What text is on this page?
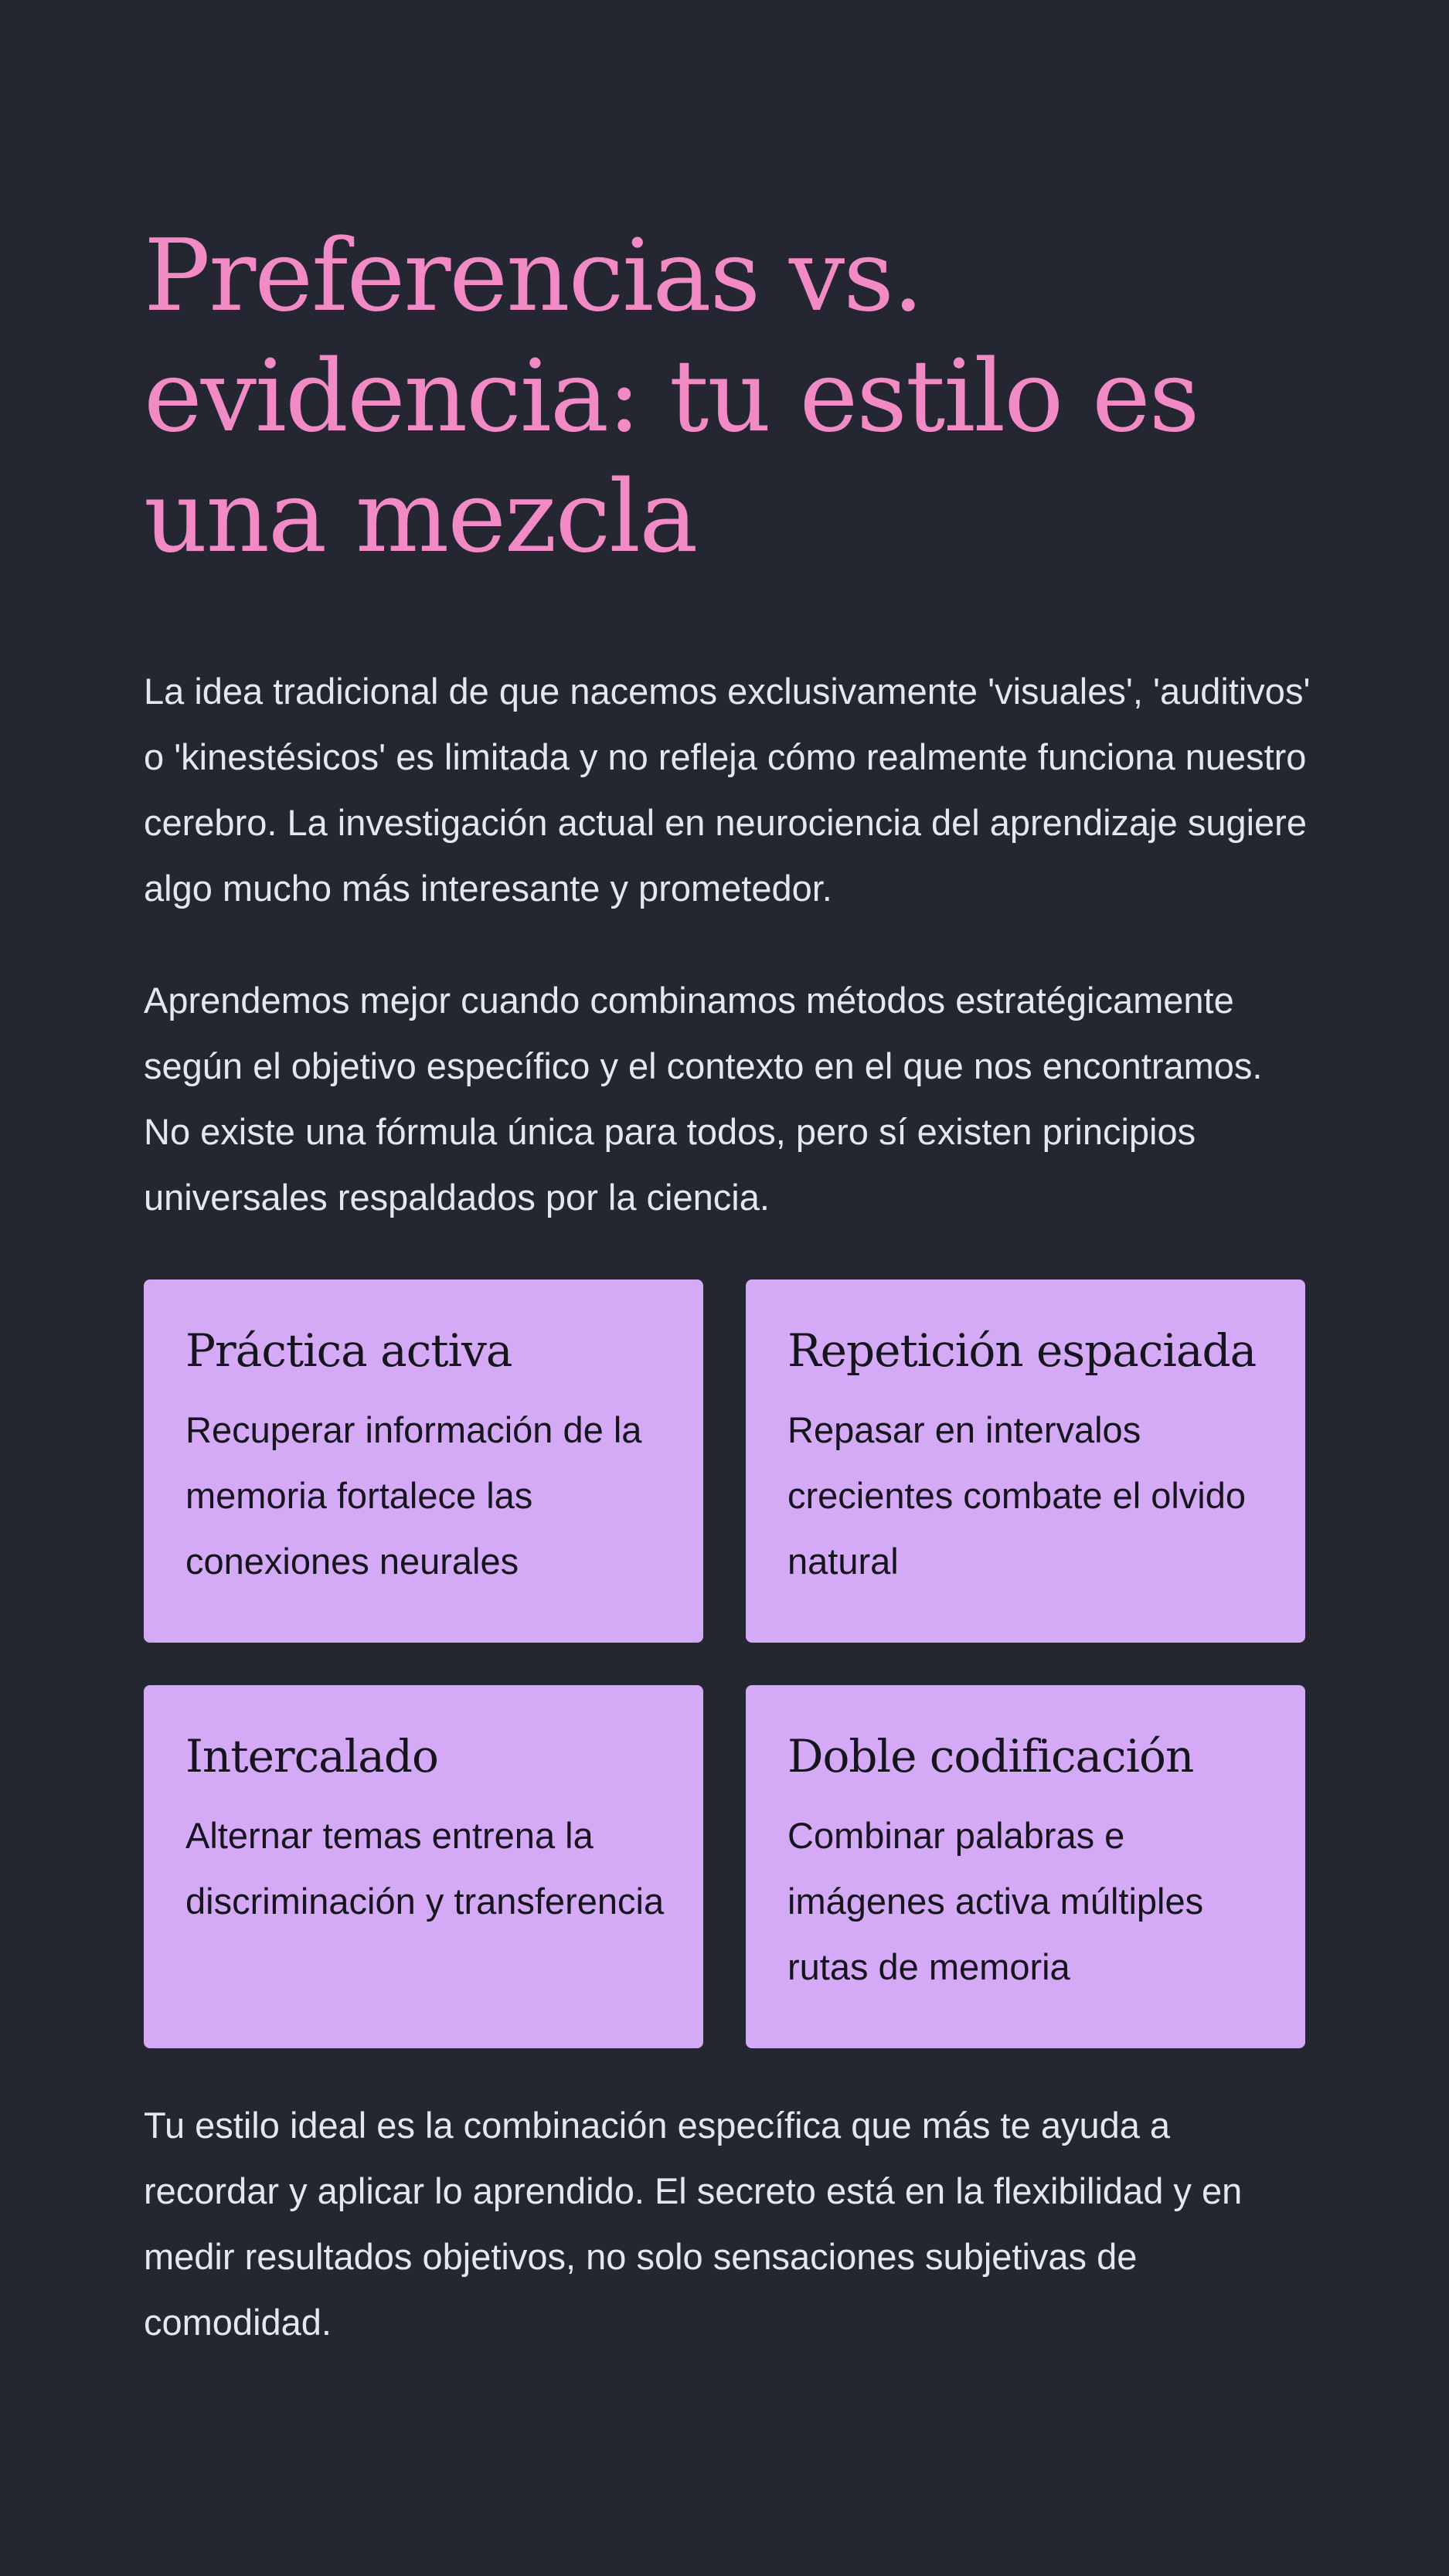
Preferencias vs. evidencia: tu estilo es una mezcla

La idea tradicional de que nacemos exclusivamente 'visuales', 'auditivos' o 'kinestésicos' es limitada y no refleja cómo realmente funciona nuestro cerebro. La investigación actual en neurociencia del aprendizaje sugiere algo mucho más interesante y prometedor.

Aprendemos mejor cuando combinamos métodos estratégicamente según el objetivo específico y el contexto en el que nos encontramos. No existe una fórmula única para todos, pero sí existen principios universales respaldados por la ciencia.

Práctica activa

Recuperar información de la memoria fortalece las conexiones neurales

Repetición espaciada

Repasar en intervalos crecientes combate el olvido natural

Intercalado

Alternar temas entrena la discriminación y transferencia

Doble codificación

Combinar palabras e imágenes activa múltiples rutas de memoria

Tu estilo ideal es la combinación específica que más te ayuda a recordar y aplicar lo aprendido. El secreto está en la flexibilidad y en medir resultados objetivos, no solo sensaciones subjetivas de comodidad.
